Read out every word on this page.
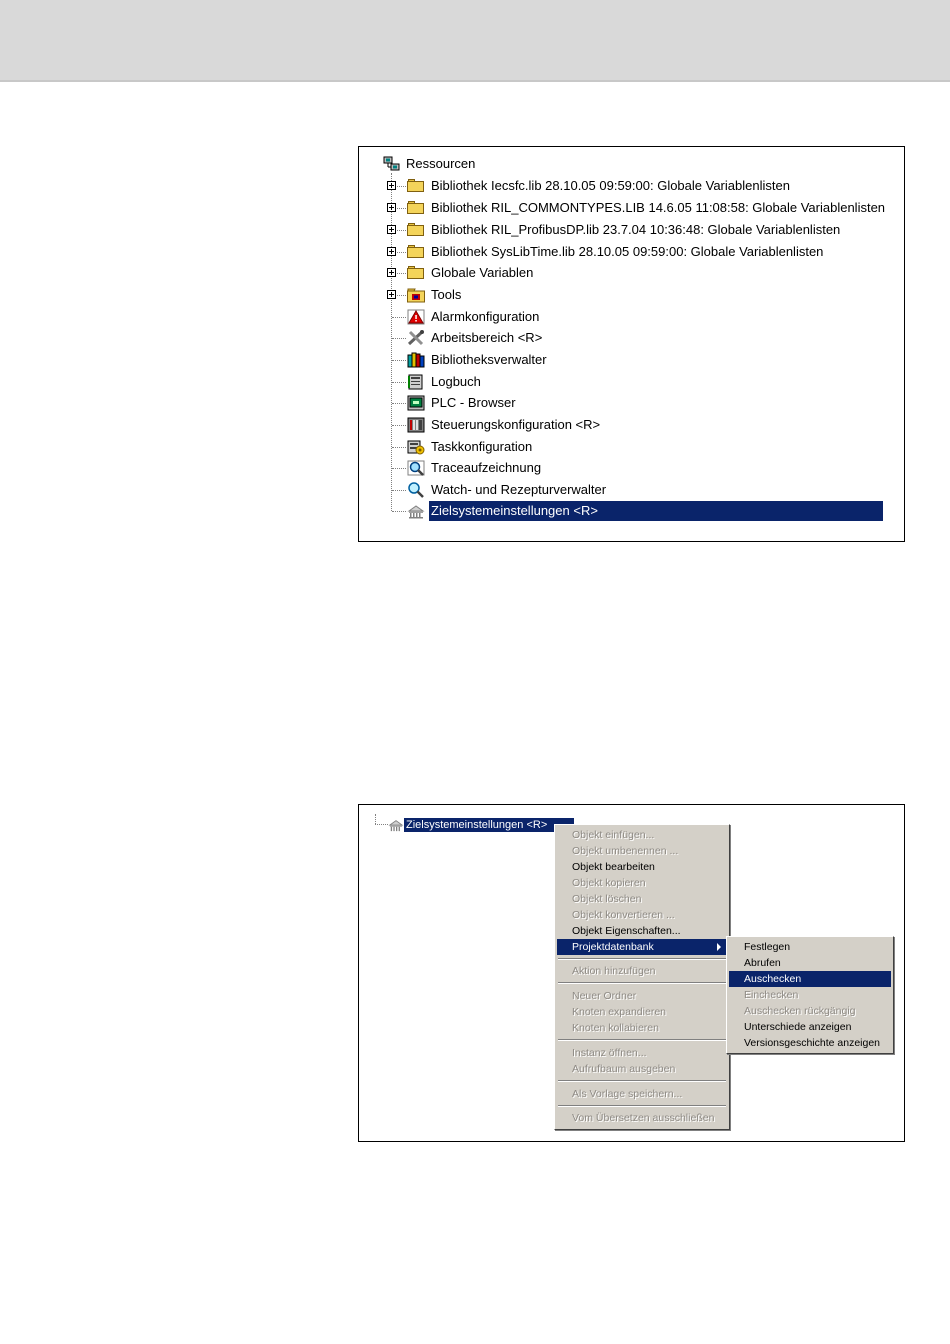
Ressourcen
Bibliothek Iecsfc.lib 28.10.05 09:59:00: Globale Variablenlisten
Bibliothek RIL_COMMONTYPES.LIB 14.6.05 11:08:58: Globale Variablenlisten
Bibliothek RIL_ProfibusDP.lib 23.7.04 10:36:48: Globale Variablenlisten
Bibliothek SysLibTime.lib 28.10.05 09:59:00: Globale Variablenlisten
Globale Variablen
Tools
Alarmkonfiguration
Arbeitsbereich <R>
Bibliotheksverwalter
Logbuch
PLC - Browser
Steuerungskonfiguration <R>
Taskkonfiguration
Traceaufzeichnung
Watch- und Rezepturverwalter
Zielsystemeinstellungen <R>
Zielsystemeinstellungen <R>
Objekt einfügen...
Objekt umbenennen ...
Objekt bearbeiten
Objekt kopieren
Objekt löschen
Objekt konvertieren ...
Objekt Eigenschaften...
Projektdatenbank
Aktion hinzufügen
Neuer Ordner
Knoten expandieren
Knoten kollabieren
Instanz öffnen...
Aufrufbaum ausgeben
Als Vorlage speichern...
Vom Übersetzen ausschließen
Festlegen
Abrufen
Auschecken
Einchecken
Auschecken rückgängig
Unterschiede anzeigen
Versionsgeschichte anzeigen
